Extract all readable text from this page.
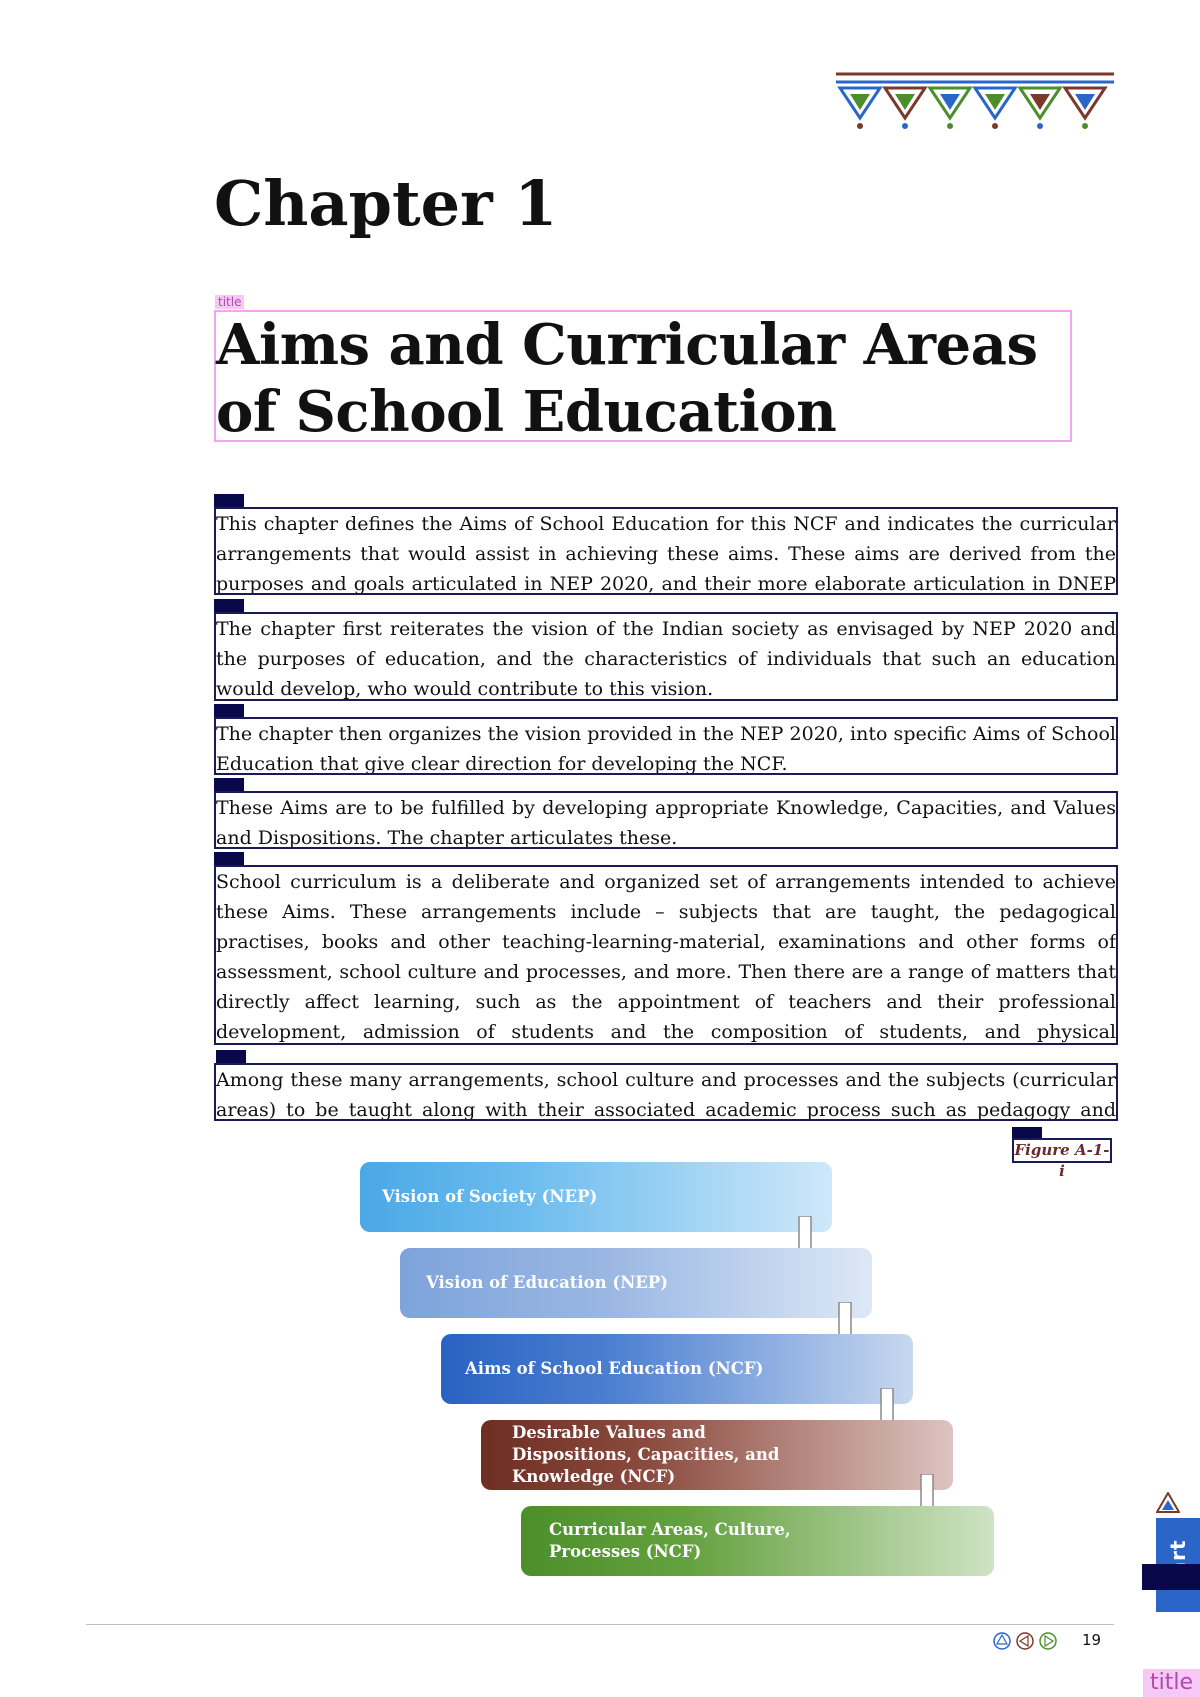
Chapter 1
title
Aims and Curricular Areas of School Education

This chapter defines the Aims of School Education for this NCF and indicates the curricular arrangements that would assist in achieving these aims. These aims are derived from the purposes and goals articulated in NEP 2020, and their more elaborate articulation in DNEP

The chapter first reiterates the vision of the Indian society as envisaged by NEP 2020 and the purposes of education, and the characteristics of individuals that such an education would develop, who would contribute to this vision.

The chapter then organizes the vision provided in the NEP 2020, into specific Aims of School Education that give clear direction for developing the NCF.

These Aims are to be fulfilled by developing appropriate Knowledge, Capacities, and Values and Dispositions. The chapter articulates these.

School curriculum is a deliberate and organized set of arrangements intended to achieve these Aims. These arrangements include – subjects that are taught, the pedagogical practises, books and other teaching-learning-material, examinations and other forms of assessment, school culture and processes, and more. Then there are a range of matters that directly affect learning, such as the appointment of teachers and their professional development, admission of students and the composition of students, and physical

Among these many arrangements, school culture and processes and the subjects (curricular areas) to be taught along with their associated academic process such as pedagogy and

Figure A-1-i
Vision of Society (NEP)
Vision of Education (NEP)
Aims of School Education (NCF)
Desirable Values and Dispositions, Capacities, and Knowledge (NCF)
Curricular Areas, Culture, Processes (NCF)
19
title
